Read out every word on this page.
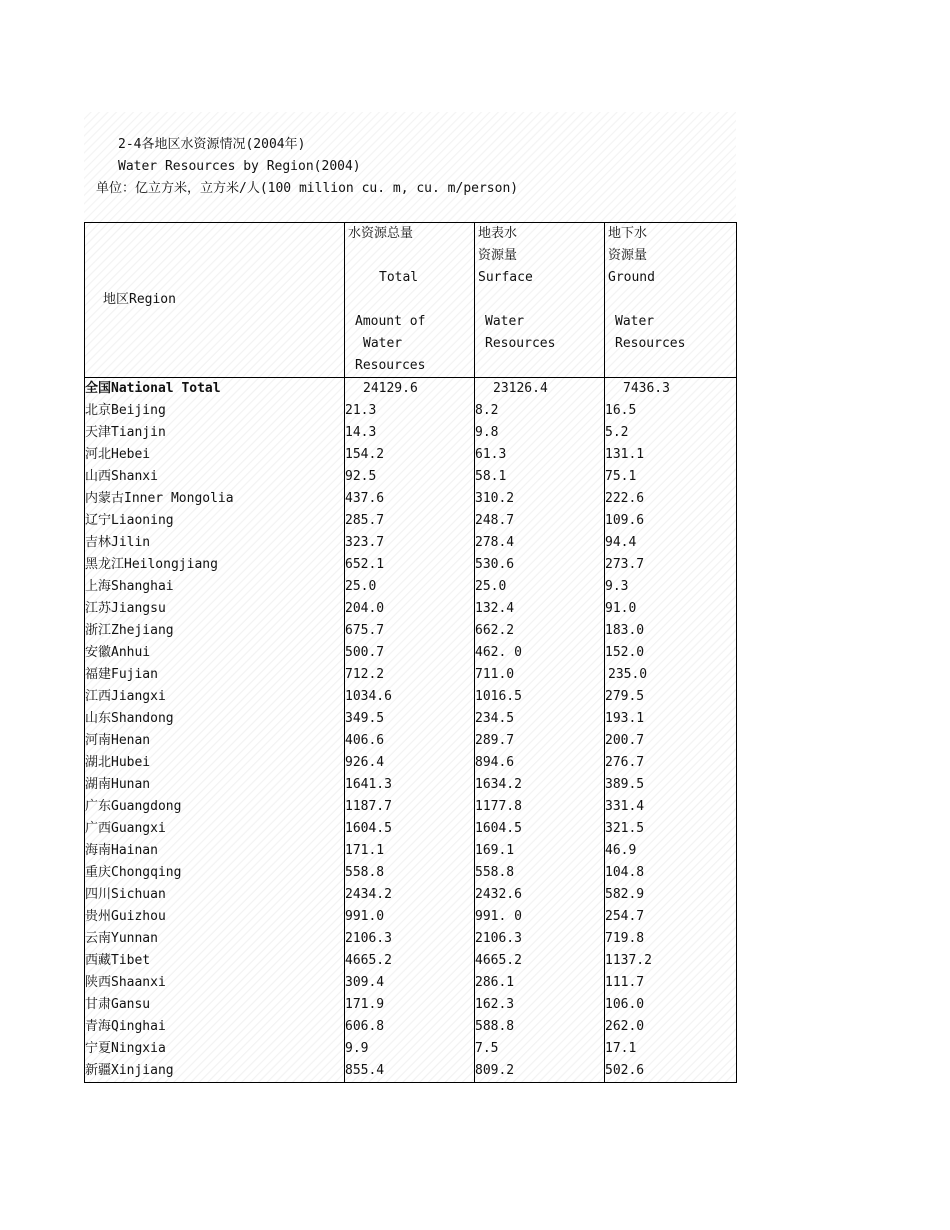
2-4各地区水资源情况(2004年)
Water Resources by Region(2004)
单位：亿立方米，立方米/人(100 million cu. m, cu. m/person)
地区Region	水资源总量

Total

Amount of
Water
Resources	地表水
资源量
Surface

Water
Resources	地下水
资源量
Ground

Water
Resources

全国National Total	24129.6	23126.4	7436.3
北京Beijing	21.3	8.2	16.5
天津Tianjin	14.3	9.8	5.2
河北Hebei	154.2	61.3	131.1
山西Shanxi	92.5	58.1	75.1
内蒙古Inner Mongolia	437.6	310.2	222.6
辽宁Liaoning	285.7	248.7	109.6
吉林Jilin	323.7	278.4	94.4
黑龙江Heilongjiang	652.1	530.6	273.7
上海Shanghai	25.0	25.0	9.3
江苏Jiangsu	204.0	132.4	91.0
浙江Zhejiang	675.7	662.2	183.0
安徽Anhui	500.7	462. 0	152.0
福建Fujian	712.2	711.0	235.0
江西Jiangxi	1034.6	1016.5	279.5
山东Shandong	349.5	234.5	193.1
河南Henan	406.6	289.7	200.7
湖北Hubei	926.4	894.6	276.7
湖南Hunan	1641.3	1634.2	389.5
广东Guangdong	1187.7	1177.8	331.4
广西Guangxi	1604.5	1604.5	321.5
海南Hainan	171.1	169.1	46.9
重庆Chongqing	558.8	558.8	104.8
四川Sichuan	2434.2	2432.6	582.9
贵州Guizhou	991.0	991. 0	254.7
云南Yunnan	2106.3	2106.3	719.8
西藏Tibet	4665.2	4665.2	1137.2
陕西Shaanxi	309.4	286.1	111.7
甘肃Gansu	171.9	162.3	106.0
青海Qinghai	606.8	588.8	262.0
宁夏Ningxia	9.9	7.5	17.1
新疆Xinjiang	855.4	809.2	502.6
